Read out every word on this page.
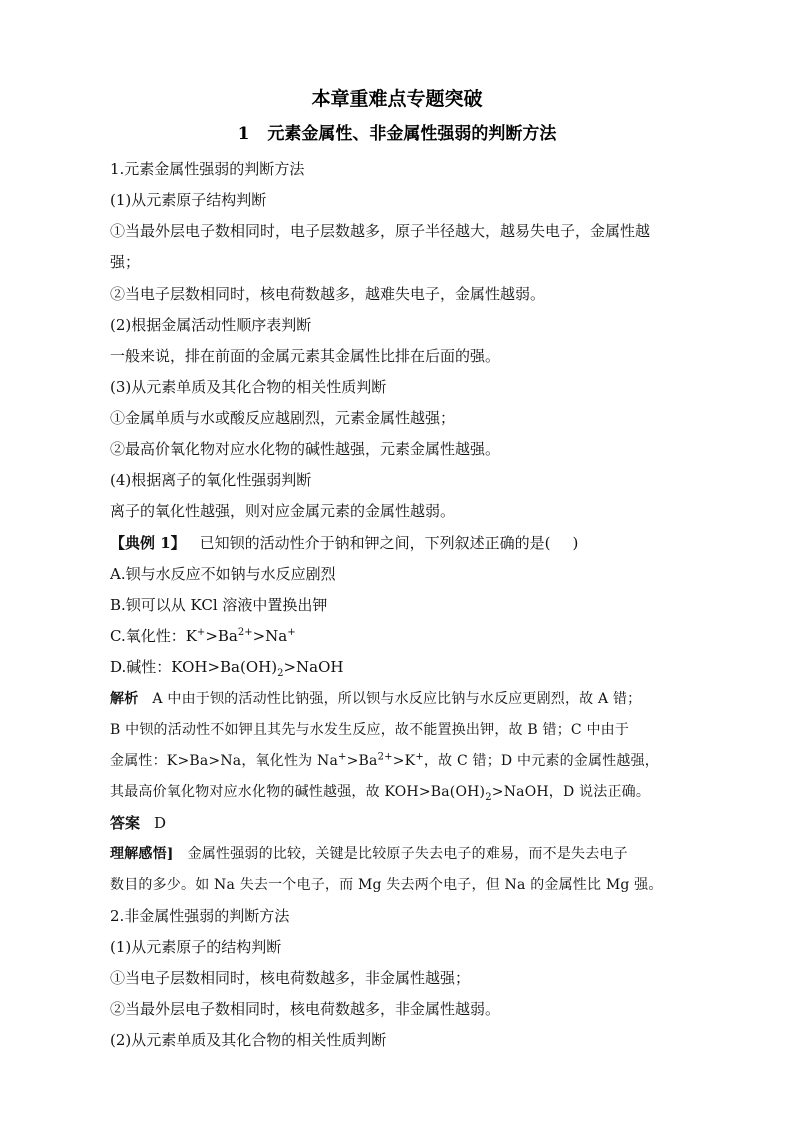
本章重难点专题突破
1 元素金属性、非金属性强弱的判断方法
1.元素金属性强弱的判断方法
(1)从元素原子结构判断
①当最外层电子数相同时，电子层数越多，原子半径越大，越易失电子，金属性越
强；
②当电子层数相同时，核电荷数越多，越难失电子，金属性越弱。
(2)根据金属活动性顺序表判断
一般来说，排在前面的金属元素其金属性比排在后面的强。
(3)从元素单质及其化合物的相关性质判断
①金属单质与水或酸反应越剧烈，元素金属性越强；
②最高价氧化物对应水化物的碱性越强，元素金属性越强。
(4)根据离子的氧化性强弱判断
离子的氧化性越强，则对应金属元素的金属性越弱。
【典例 1】 已知钡的活动性介于钠和钾之间，下列叙述正确的是( )
A.钡与水反应不如钠与水反应剧烈
B.钡可以从 KCl 溶液中置换出钾
C.氧化性：$K^+>Ba^{2+}>Na^+$
D.碱性：$KOH>Ba(OH)_2>NaOH$
解析 A 中由于钡的活动性比钠强，所以钡与水反应比钠与水反应更剧烈，故 A 错；
B 中钡的活动性不如钾且其先与水发生反应，故不能置换出钾，故 B 错；C 中由于
金属性：K>Ba>Na，氧化性为 $Na^+>Ba^{2+}>K^+$，故 C 错；D 中元素的金属性越强，
其最高价氧化物对应水化物的碱性越强，故 $KOH>Ba(OH)_2>NaOH$，D 说法正确。
答案 D
理解感悟] 金属性强弱的比较，关键是比较原子失去电子的难易，而不是失去电子
数目的多少。如 Na 失去一个电子，而 Mg 失去两个电子，但 Na 的金属性比 Mg 强。
2.非金属性强弱的判断方法
(1)从元素原子的结构判断
①当电子层数相同时，核电荷数越多，非金属性越强；
②当最外层电子数相同时，核电荷数越多，非金属性越弱。
(2)从元素单质及其化合物的相关性质判断
